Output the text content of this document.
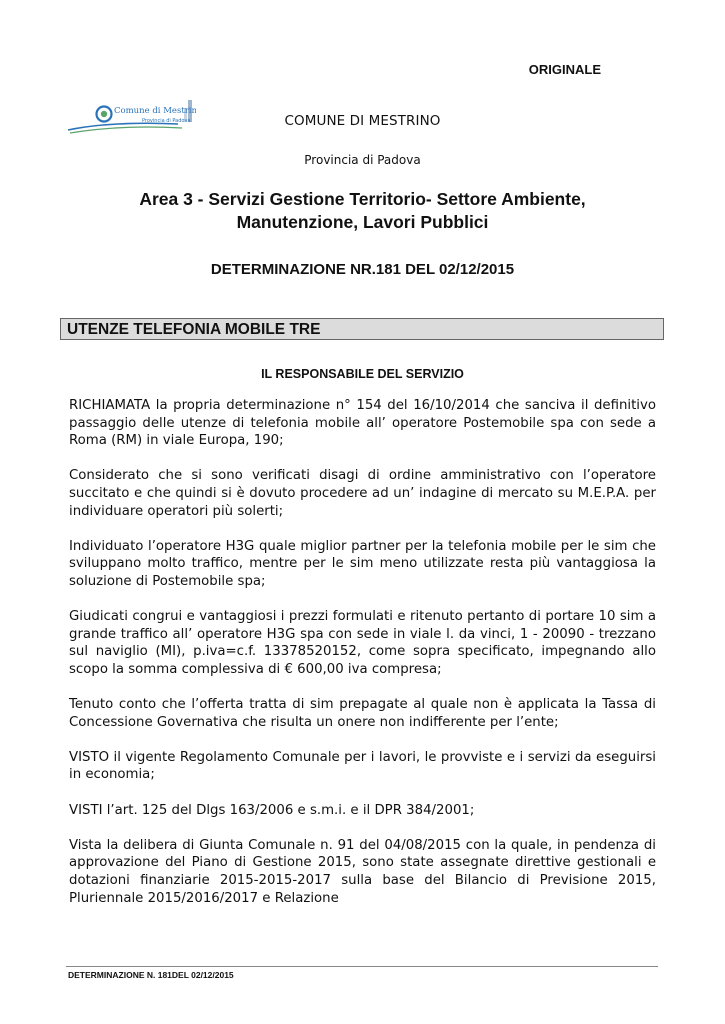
ORIGINALE
Comune di Mestrino
Provincia di Padova	COMUNE DI MESTRINO
Provincia di Padova
Area 3 - Servizi Gestione Territorio- Settore Ambiente,
Manutenzione, Lavori Pubblici
DETERMINAZIONE NR.181 DEL 02/12/2015
UTENZE TELEFONIA MOBILE TRE
IL RESPONSABILE DEL SERVIZIO

RICHIAMATA la propria determinazione n° 154 del 16/10/2014 che sanciva il definitivo passaggio delle utenze di telefonia mobile all’ operatore Postemobile spa con sede a Roma (RM) in viale Europa, 190;

Considerato che si sono verificati disagi di ordine amministrativo con l’operatore succitato e che quindi si è dovuto procedere ad un’ indagine di mercato su M.E.P.A. per individuare operatori più solerti;

Individuato l’operatore H3G quale miglior partner per la telefonia mobile per le sim che sviluppano molto traffico, mentre per le sim meno utilizzate resta più vantaggiosa la soluzione di Postemobile spa;

Giudicati congrui e vantaggiosi i prezzi formulati e ritenuto pertanto di portare 10 sim a grande traffico all’ operatore H3G spa con sede in viale l. da vinci, 1 - 20090 - trezzano sul naviglio (MI), p.iva=c.f. 13378520152, come sopra specificato, impegnando allo scopo la somma complessiva di € 600,00 iva compresa;

Tenuto conto che l’offerta tratta di sim prepagate al quale non è applicata la Tassa di Concessione Governativa che risulta un onere non indifferente per l’ente;

VISTO il vigente Regolamento Comunale per i lavori, le provviste e i servizi da eseguirsi in economia;

VISTI l’art. 125 del Dlgs 163/2006 e s.m.i. e il DPR 384/2001;

Vista la delibera di Giunta Comunale n. 91 del 04/08/2015 con la quale, in pendenza di approvazione del Piano di Gestione 2015, sono state assegnate direttive gestionali e dotazioni finanziarie 2015-2015-2017 sulla base del Bilancio di Previsione 2015, Pluriennale 2015/2016/2017 e Relazione

DETERMINAZIONE N. 181DEL 02/12/2015
